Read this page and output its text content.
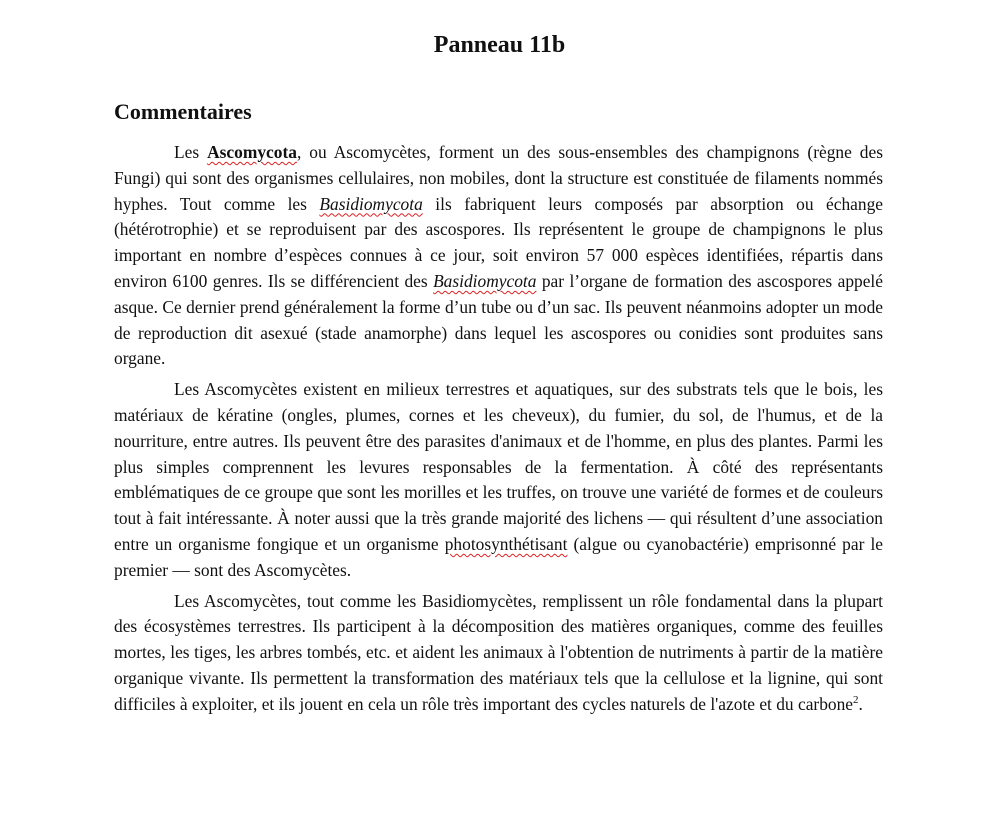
Panneau 11b
Commentaires

Les Ascomycota, ou Ascomycètes, forment un des sous-ensembles des champignons (règne des Fungi) qui sont des organismes cellulaires, non mobiles, dont la structure est constituée de filaments nommés hyphes. Tout comme les Basidiomycota ils fabriquent leurs composés par absorption ou échange (hétérotrophie) et se reproduisent par des ascospores. Ils représentent le groupe de champignons le plus important en nombre d’espèces connues à ce jour, soit environ 57 000 espèces identifiées, répartis dans environ 6100 genres. Ils se différencient des Basidiomycota par l’organe de formation des ascospores appelé asque. Ce dernier prend généralement la forme d’un tube ou d’un sac. Ils peuvent néanmoins adopter un mode de reproduction dit asexué (stade anamorphe) dans lequel les ascospores ou conidies sont produites sans organe.

Les Ascomycètes existent en milieux terrestres et aquatiques, sur des substrats tels que le bois, les matériaux de kératine (ongles, plumes, cornes et les cheveux), du fumier, du sol, de l'humus, et de la nourriture, entre autres. Ils peuvent être des parasites d'animaux et de l'homme, en plus des plantes. Parmi les plus simples comprennent les levures responsables de la fermentation. À côté des représentants emblématiques de ce groupe que sont les morilles et les truffes, on trouve une variété de formes et de couleurs tout à fait intéressante. À noter aussi que la très grande majorité des lichens — qui résultent d’une association entre un organisme fongique et un organisme photosynthétisant (algue ou cyanobactérie) emprisonné par le premier — sont des Ascomycètes.

Les Ascomycètes, tout comme les Basidiomycètes, remplissent un rôle fondamental dans la plupart des écosystèmes terrestres. Ils participent à la décomposition des matières organiques, comme des feuilles mortes, les tiges, les arbres tombés, etc. et aident les animaux à l'obtention de nutriments à partir de la matière organique vivante. Ils permettent la transformation des matériaux tels que la cellulose et la lignine, qui sont difficiles à exploiter, et ils jouent en cela un rôle très important des cycles naturels de l'azote et du carbone$^2$.
